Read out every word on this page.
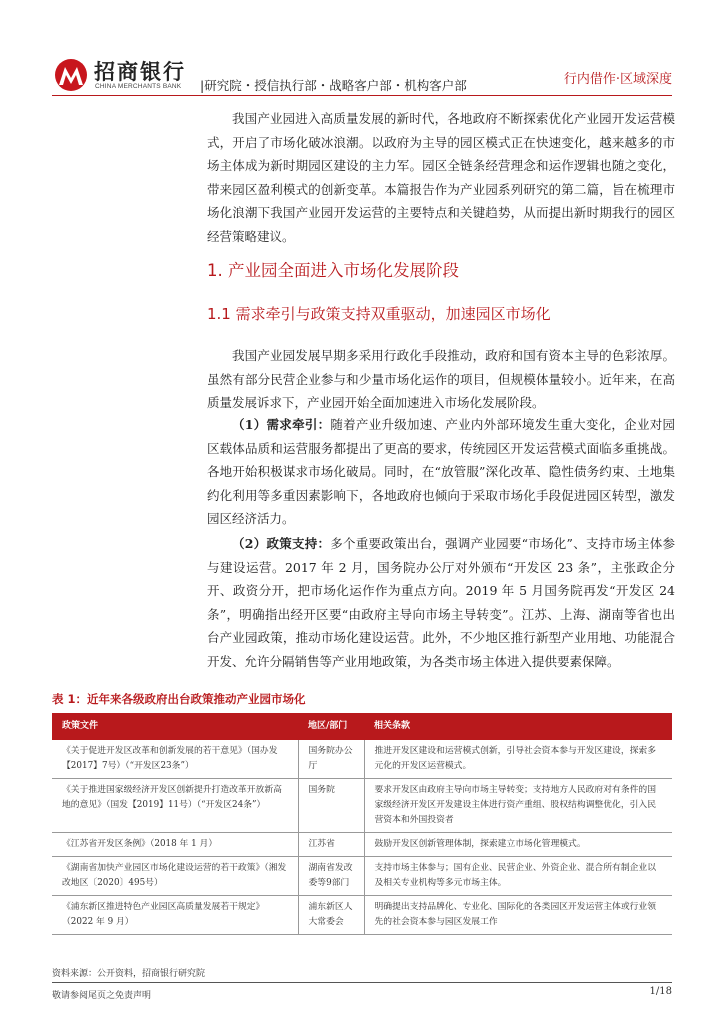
招商银行
CHINA MERCHANTS BANK |研究院・授信执行部・战略客户部・机构客户部	行内借作·区域深度

我国产业园进入高质量发展的新时代，各地政府不断探索优化产业园开发运营模式，开启了市场化破冰浪潮。以政府为主导的园区模式正在快速变化，越来越多的市场主体成为新时期园区建设的主力军。园区全链条经营理念和运作逻辑也随之变化，带来园区盈利模式的创新变革。本篇报告作为产业园系列研究的第二篇，旨在梳理市场化浪潮下我国产业园开发运营的主要特点和关键趋势，从而提出新时期我行的园区经营策略建议。

1. 产业园全面进入市场化发展阶段
1.1 需求牵引与政策支持双重驱动，加速园区市场化

我国产业园发展早期多采用行政化手段推动，政府和国有资本主导的色彩浓厚。虽然有部分民营企业参与和少量市场化运作的项目，但规模体量较小。近年来，在高质量发展诉求下，产业园开始全面加速进入市场化发展阶段。

（1）需求牵引：随着产业升级加速、产业内外部环境发生重大变化，企业对园区载体品质和运营服务都提出了更高的要求，传统园区开发运营模式面临多重挑战。各地开始积极谋求市场化破局。同时，在“放管服”深化改革、隐性债务约束、土地集约化利用等多重因素影响下，各地政府也倾向于采取市场化手段促进园区转型，激发园区经济活力。

（2）政策支持：多个重要政策出台，强调产业园要“市场化”、支持市场主体参与建设运营。2017 年 2 月，国务院办公厅对外颁布“开发区 23 条”，主张政企分开、政资分开，把市场化运作作为重点方向。2019 年 5 月国务院再发“开发区 24 条”，明确指出经开区要“由政府主导向市场主导转变”。江苏、上海、湖南等省也出台产业园政策，推动市场化建设运营。此外，不少地区推行新型产业用地、功能混合开发、允许分隔销售等产业用地政策，为各类市场主体进入提供要素保障。

表 1：近年来各级政府出台政策推动产业园市场化
政策文件	地区/部门	相关条款
《关于促进开发区改革和创新发展的若干意见》（国办发【2017】7号）（“开发区23条”）	国务院办公厅	推进开发区建设和运营模式创新，引导社会资本参与开发区建设，探索多元化的开发区运营模式。
《关于推进国家级经济开发区创新提升打造改革开放新高地的意见》（国发【2019】11号）（“开发区24条”）	国务院	要求开发区由政府主导向市场主导转变；支持地方人民政府对有条件的国家级经济开发区开发建设主体进行资产重组、股权结构调整优化，引入民营资本和外国投资者
《江苏省开发区条例》（2018 年 1 月）	江苏省	鼓励开发区创新管理体制，探索建立市场化管理模式。
《湖南省加快产业园区市场化建设运营的若干政策》（湘发改地区〔2020〕495号）	湖南省发改委等9部门	支持市场主体参与；国有企业、民营企业、外资企业、混合所有制企业以及相关专业机构等多元市场主体。
《浦东新区推进特色产业园区高质量发展若干规定》（2022 年 9 月）	浦东新区人大常委会	明确提出支持品牌化、专业化、国际化的各类园区开发运营主体或行业领先的社会资本参与园区发展工作
资料来源：公开资料，招商银行研究院
敬请参阅尾页之免责声明	1/18
